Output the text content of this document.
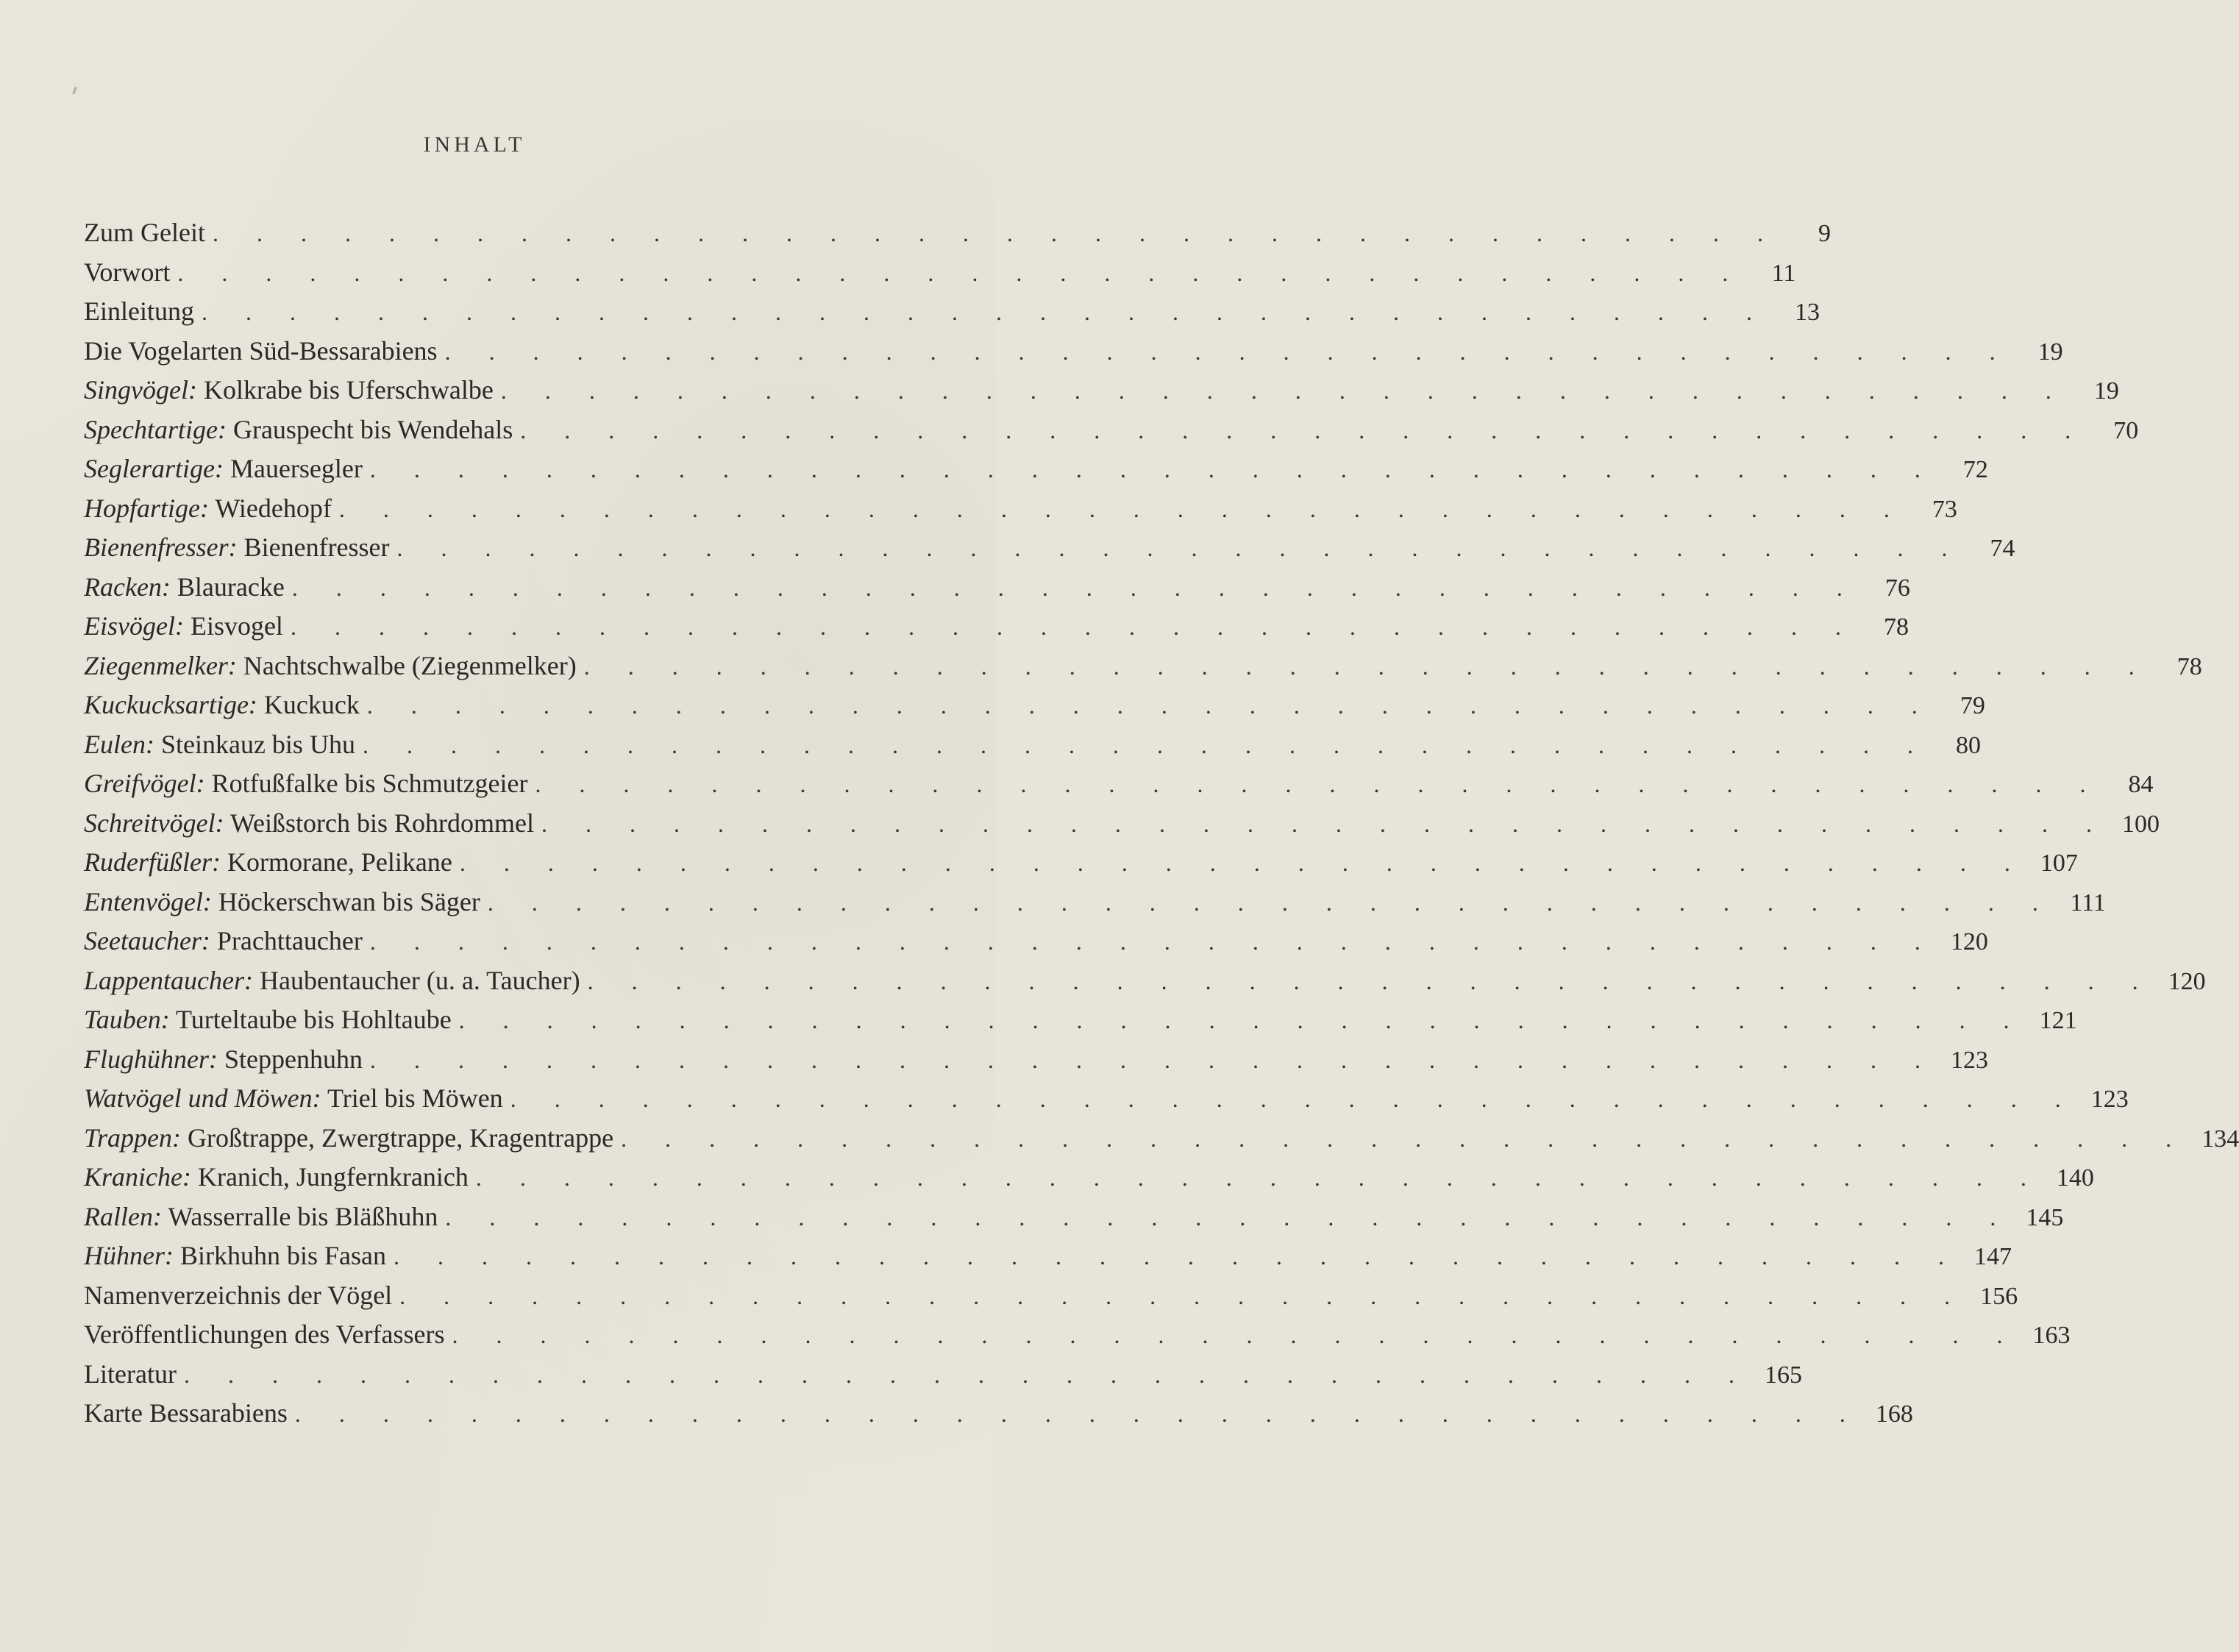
INHALT
Zum Geleit . . . . . . . . . . . . . . . . . . . . . . . . . . . . . . . . . . . .	9
Vorwort . . . . . . . . . . . . . . . . . . . . . . . . . . . . . . . . . . . .	11
Einleitung . . . . . . . . . . . . . . . . . . . . . . . . . . . . . . . . . . . .	13
Die Vogelarten Süd-Bessarabiens . . . . . . . . . . . . . . . . . . . . . . . . . . . . . . . . . . . .	19
Singvögel: Kolkrabe bis Uferschwalbe . . . . . . . . . . . . . . . . . . . . . . . . . . . . . . . . . . . .	19
Spechtartige: Grauspecht bis Wendehals . . . . . . . . . . . . . . . . . . . . . . . . . . . . . . . . . . . .	70
Seglerartige: Mauersegler . . . . . . . . . . . . . . . . . . . . . . . . . . . . . . . . . . . .	72
Hopfartige: Wiedehopf . . . . . . . . . . . . . . . . . . . . . . . . . . . . . . . . . . . .	73
Bienenfresser: Bienenfresser . . . . . . . . . . . . . . . . . . . . . . . . . . . . . . . . . . . .	74
Racken: Blauracke . . . . . . . . . . . . . . . . . . . . . . . . . . . . . . . . . . . .	76
Eisvögel: Eisvogel . . . . . . . . . . . . . . . . . . . . . . . . . . . . . . . . . . . .	78
Ziegenmelker: Nachtschwalbe (Ziegenmelker) . . . . . . . . . . . . . . . . . . . . . . . . . . . . . . . . . . . .	78
Kuckucksartige: Kuckuck . . . . . . . . . . . . . . . . . . . . . . . . . . . . . . . . . . . .	79
Eulen: Steinkauz bis Uhu . . . . . . . . . . . . . . . . . . . . . . . . . . . . . . . . . . . .	80
Greifvögel: Rotfußfalke bis Schmutzgeier . . . . . . . . . . . . . . . . . . . . . . . . . . . . . . . . . . . .	84
Schreitvögel: Weißstorch bis Rohrdommel . . . . . . . . . . . . . . . . . . . . . . . . . . . . . . . . . . . . 100
Ruderfüßler: Kormorane, Pelikane . . . . . . . . . . . . . . . . . . . . . . . . . . . . . . . . . . . . 107
Entenvögel: Höckerschwan bis Säger . . . . . . . . . . . . . . . . . . . . . . . . . . . . . . . . . . . . 111
Seetaucher: Prachttaucher . . . . . . . . . . . . . . . . . . . . . . . . . . . . . . . . . . . . 120
Lappentaucher: Haubentaucher (u. a. Taucher) . . . . . . . . . . . . . . . . . . . . . . . . . . . . . . . . . . . . 120
Tauben: Turteltaube bis Hohltaube . . . . . . . . . . . . . . . . . . . . . . . . . . . . . . . . . . . . 121
Flughühner: Steppenhuhn . . . . . . . . . . . . . . . . . . . . . . . . . . . . . . . . . . . . 123
Watvögel und Möwen: Triel bis Möwen . . . . . . . . . . . . . . . . . . . . . . . . . . . . . . . . . . . . 123
Trappen: Großtrappe, Zwergtrappe, Kragentrappe . . . . . . . . . . . . . . . . . . . . . . . . . . . . . . . . . . . . 134
Kraniche: Kranich, Jungfernkranich . . . . . . . . . . . . . . . . . . . . . . . . . . . . . . . . . . . . 140
Rallen: Wasserralle bis Bläßhuhn . . . . . . . . . . . . . . . . . . . . . . . . . . . . . . . . . . . . 145
Hühner: Birkhuhn bis Fasan . . . . . . . . . . . . . . . . . . . . . . . . . . . . . . . . . . . . 147
Namenverzeichnis der Vögel . . . . . . . . . . . . . . . . . . . . . . . . . . . . . . . . . . . . 156
Veröffentlichungen des Verfassers . . . . . . . . . . . . . . . . . . . . . . . . . . . . . . . . . . . . 163
Literatur . . . . . . . . . . . . . . . . . . . . . . . . . . . . . . . . . . . . 165
Karte Bessarabiens . . . . . . . . . . . . . . . . . . . . . . . . . . . . . . . . . . . . 168
